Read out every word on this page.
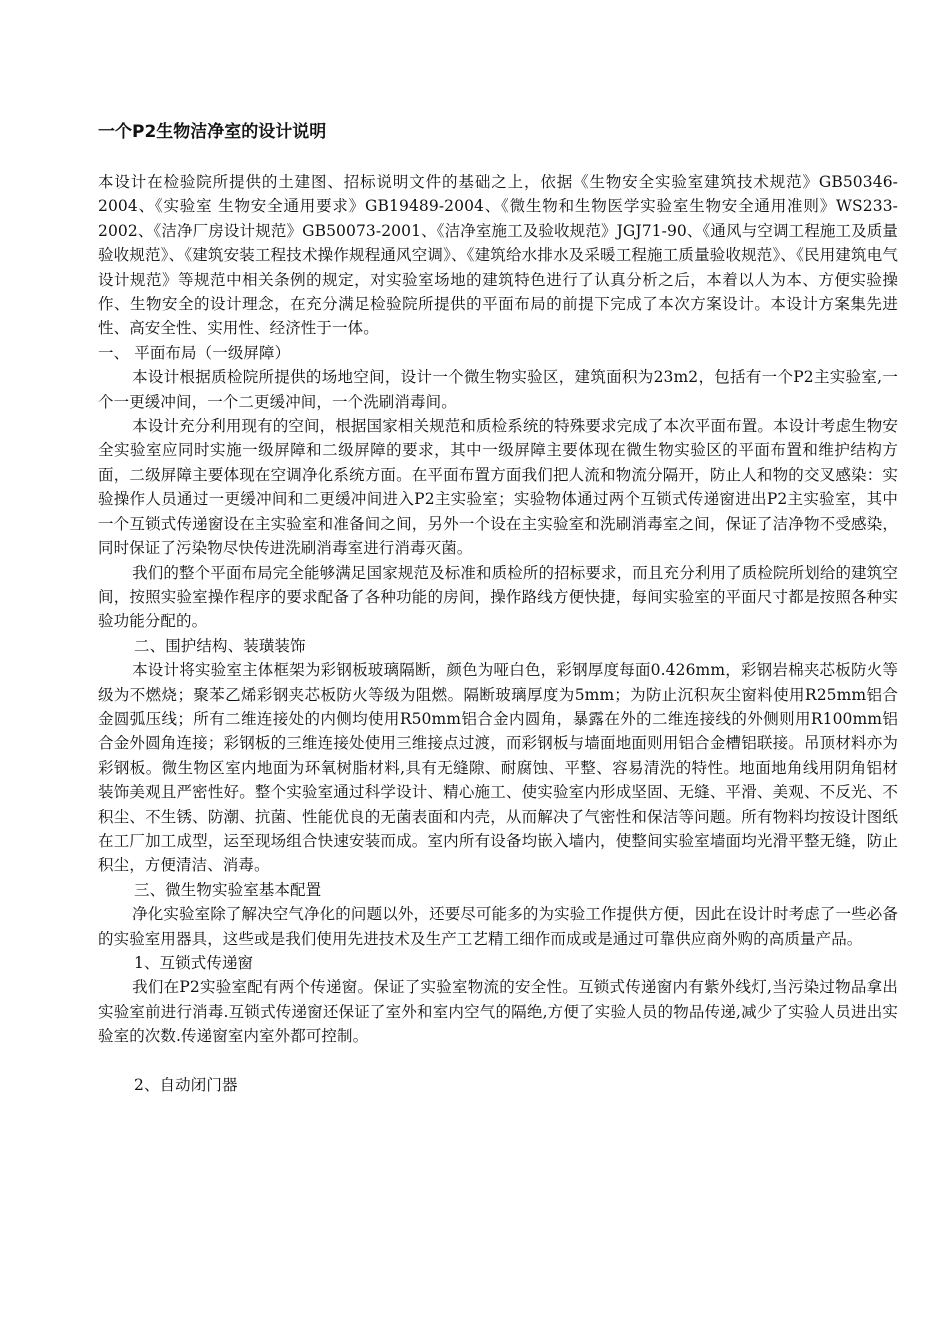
一个P2生物洁净室的设计说明

本设计在检验院所提供的土建图、招标说明文件的基础之上，依据《生物安全实验室建筑技术规范》GB50346-2004、《实验室 生物安全通用要求》GB19489-2004、《微生物和生物医学实验室生物安全通用准则》WS233-2002、《洁净厂房设计规范》GB50073-2001、《洁净室施工及验收规范》JGJ71-90、《通风与空调工程施工及质量验收规范》、《建筑安装工程技术操作规程通风空调》、《建筑给水排水及采暖工程施工质量验收规范》、《民用建筑电气设计规范》等规范中相关条例的规定，对实验室场地的建筑特色进行了认真分析之后，本着以人为本、方便实验操作、生物安全的设计理念，在充分满足检验院所提供的平面布局的前提下完成了本次方案设计。本设计方案集先进性、高安全性、实用性、经济性于一体。

一、 平面布局（一级屏障）

本设计根据质检院所提供的场地空间，设计一个微生物实验区，建筑面积为23m2，包括有一个P2主实验室,一个一更缓冲间，一个二更缓冲间，一个洗刷消毒间。

本设计充分利用现有的空间，根据国家相关规范和质检系统的特殊要求完成了本次平面布置。本设计考虑生物安全实验室应同时实施一级屏障和二级屏障的要求，其中一级屏障主要体现在微生物实验区的平面布置和维护结构方面，二级屏障主要体现在空调净化系统方面。在平面布置方面我们把人流和物流分隔开，防止人和物的交叉感染：实验操作人员通过一更缓冲间和二更缓冲间进入P2主实验室；实验物体通过两个互锁式传递窗进出P2主实验室，其中一个互锁式传递窗设在主实验室和准备间之间，另外一个设在主实验室和洗刷消毒室之间，保证了洁净物不受感染，同时保证了污染物尽快传进洗刷消毒室进行消毒灭菌。

我们的整个平面布局完全能够满足国家规范及标准和质检所的招标要求，而且充分利用了质检院所划给的建筑空间，按照实验室操作程序的要求配备了各种功能的房间，操作路线方便快捷，每间实验室的平面尺寸都是按照各种实验功能分配的。

二、围护结构、装璜装饰

本设计将实验室主体框架为彩钢板玻璃隔断，颜色为哑白色，彩钢厚度每面0.426mm，彩钢岩棉夹芯板防火等级为不燃烧；聚苯乙烯彩钢夹芯板防火等级为阻燃。隔断玻璃厚度为5mm；为防止沉积灰尘窗料使用R25mm铝合金圆弧压线；所有二维连接处的内侧均使用R50mm铝合金内圆角，暴露在外的二维连接线的外侧则用R100mm铝合金外圆角连接；彩钢板的三维连接处使用三维接点过渡，而彩钢板与墙面地面则用铝合金槽铝联接。吊顶材料亦为彩钢板。微生物区室内地面为环氧树脂材料,具有无缝隙、耐腐蚀、平整、容易清洗的特性。地面地角线用阴角铝材装饰美观且严密性好。整个实验室通过科学设计、精心施工、使实验室内形成坚固、无缝、平滑、美观、不反光、不积尘、不生锈、防潮、抗菌、性能优良的无菌表面和内壳，从而解决了气密性和保洁等问题。所有物料均按设计图纸在工厂加工成型，运至现场组合快速安装而成。室内所有设备均嵌入墙内，使整间实验室墙面均光滑平整无缝，防止积尘，方便清洁、消毒。

三、微生物实验室基本配置

净化实验室除了解决空气净化的问题以外，还要尽可能多的为实验工作提供方便，因此在设计时考虑了一些必备的实验室用器具，这些或是我们使用先进技术及生产工艺精工细作而成或是通过可靠供应商外购的高质量产品。

1、互锁式传递窗

我们在P2实验室配有两个传递窗。保证了实验室物流的安全性。互锁式传递窗内有紫外线灯,当污染过物品拿出实验室前进行消毒.互锁式传递窗还保证了室外和室内空气的隔绝,方便了实验人员的物品传递,减少了实验人员进出实验室的次数.传递窗室内室外都可控制。

2、自动闭门器
